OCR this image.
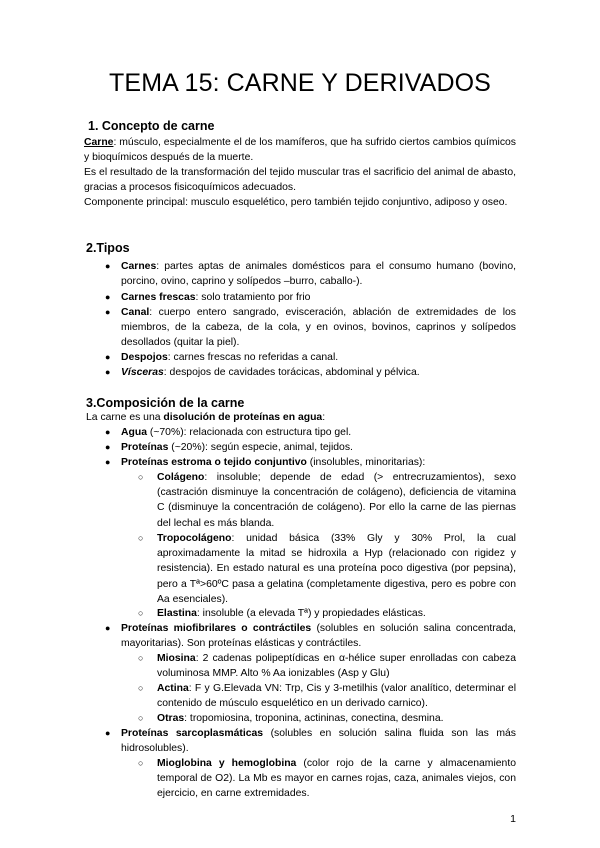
TEMA 15: CARNE Y DERIVADOS
1. Concepto de carne

Carne: músculo, especialmente el de los mamíferos, que ha sufrido ciertos cambios químicos y bioquímicos después de la muerte.

Es el resultado de la transformación del tejido muscular tras el sacrificio del animal de abasto, gracias a procesos fisicoquímicos adecuados.

Componente principal: musculo esquelético, pero también tejido conjuntivo, adiposo y oseo.

2.Tipos
● Carnes: partes aptas de animales domésticos para el consumo humano (bovino, porcino, ovino, caprino y solípedos –burro, caballo-).

● Carnes frescas: solo tratamiento por frio

● Canal: cuerpo entero sangrado, evisceración, ablación de extremidades de los miembros, de la cabeza, de la cola, y en ovinos, bovinos, caprinos y solípedos desollados (quitar la piel).

● Despojos: carnes frescas no referidas a canal.

● Vísceras: despojos de cavidades torácicas, abdominal y pélvica.

3.Composición de la carne

La carne es una disolución de proteínas en agua:

● Agua (~70%): relacionada con estructura tipo gel.

● Proteínas (~20%): según especie, animal, tejidos.

● Proteínas estroma o tejido conjuntivo (insolubles, minoritarias):

○ Colágeno: insoluble; depende de edad (> entrecruzamientos), sexo (castración disminuye la concentración de colágeno), deficiencia de vitamina C (disminuye la concentración de colágeno). Por ello la carne de las piernas del lechal es más blanda.

○ Tropocolágeno: unidad básica (33% Gly y 30% Prol, la cual aproximadamente la mitad se hidroxila a Hyp (relacionado con rigidez y resistencia). En estado natural es una proteína poco digestiva (por pepsina), pero a Tª>60ºC pasa a gelatina (completamente digestiva, pero es pobre con Aa esenciales).

○ Elastina: insoluble (a elevada Tª) y propiedades elásticas.

● Proteínas miofibrilares o contráctiles (solubles en solución salina concentrada, mayoritarias). Son proteínas elásticas y contráctiles.

○ Miosina: 2 cadenas polipeptídicas en α-hélice super enrolladas con cabeza voluminosa MMP. Alto % Aa ionizables (Asp y Glu)

○ Actina: F y G.Elevada VN: Trp, Cis y 3-metilhis (valor analítico, determinar el contenido de músculo esquelético en un derivado carnico).

○ Otras: tropomiosina, troponina, actininas, conectina, desmina.

● Proteínas sarcoplasmáticas (solubles en solución salina fluida son las más hidrosolubles).

○ Mioglobina y hemoglobina (color rojo de la carne y almacenamiento temporal de O2). La Mb es mayor en carnes rojas, caza, animales viejos, con ejercicio, en carne extremidades.

1
